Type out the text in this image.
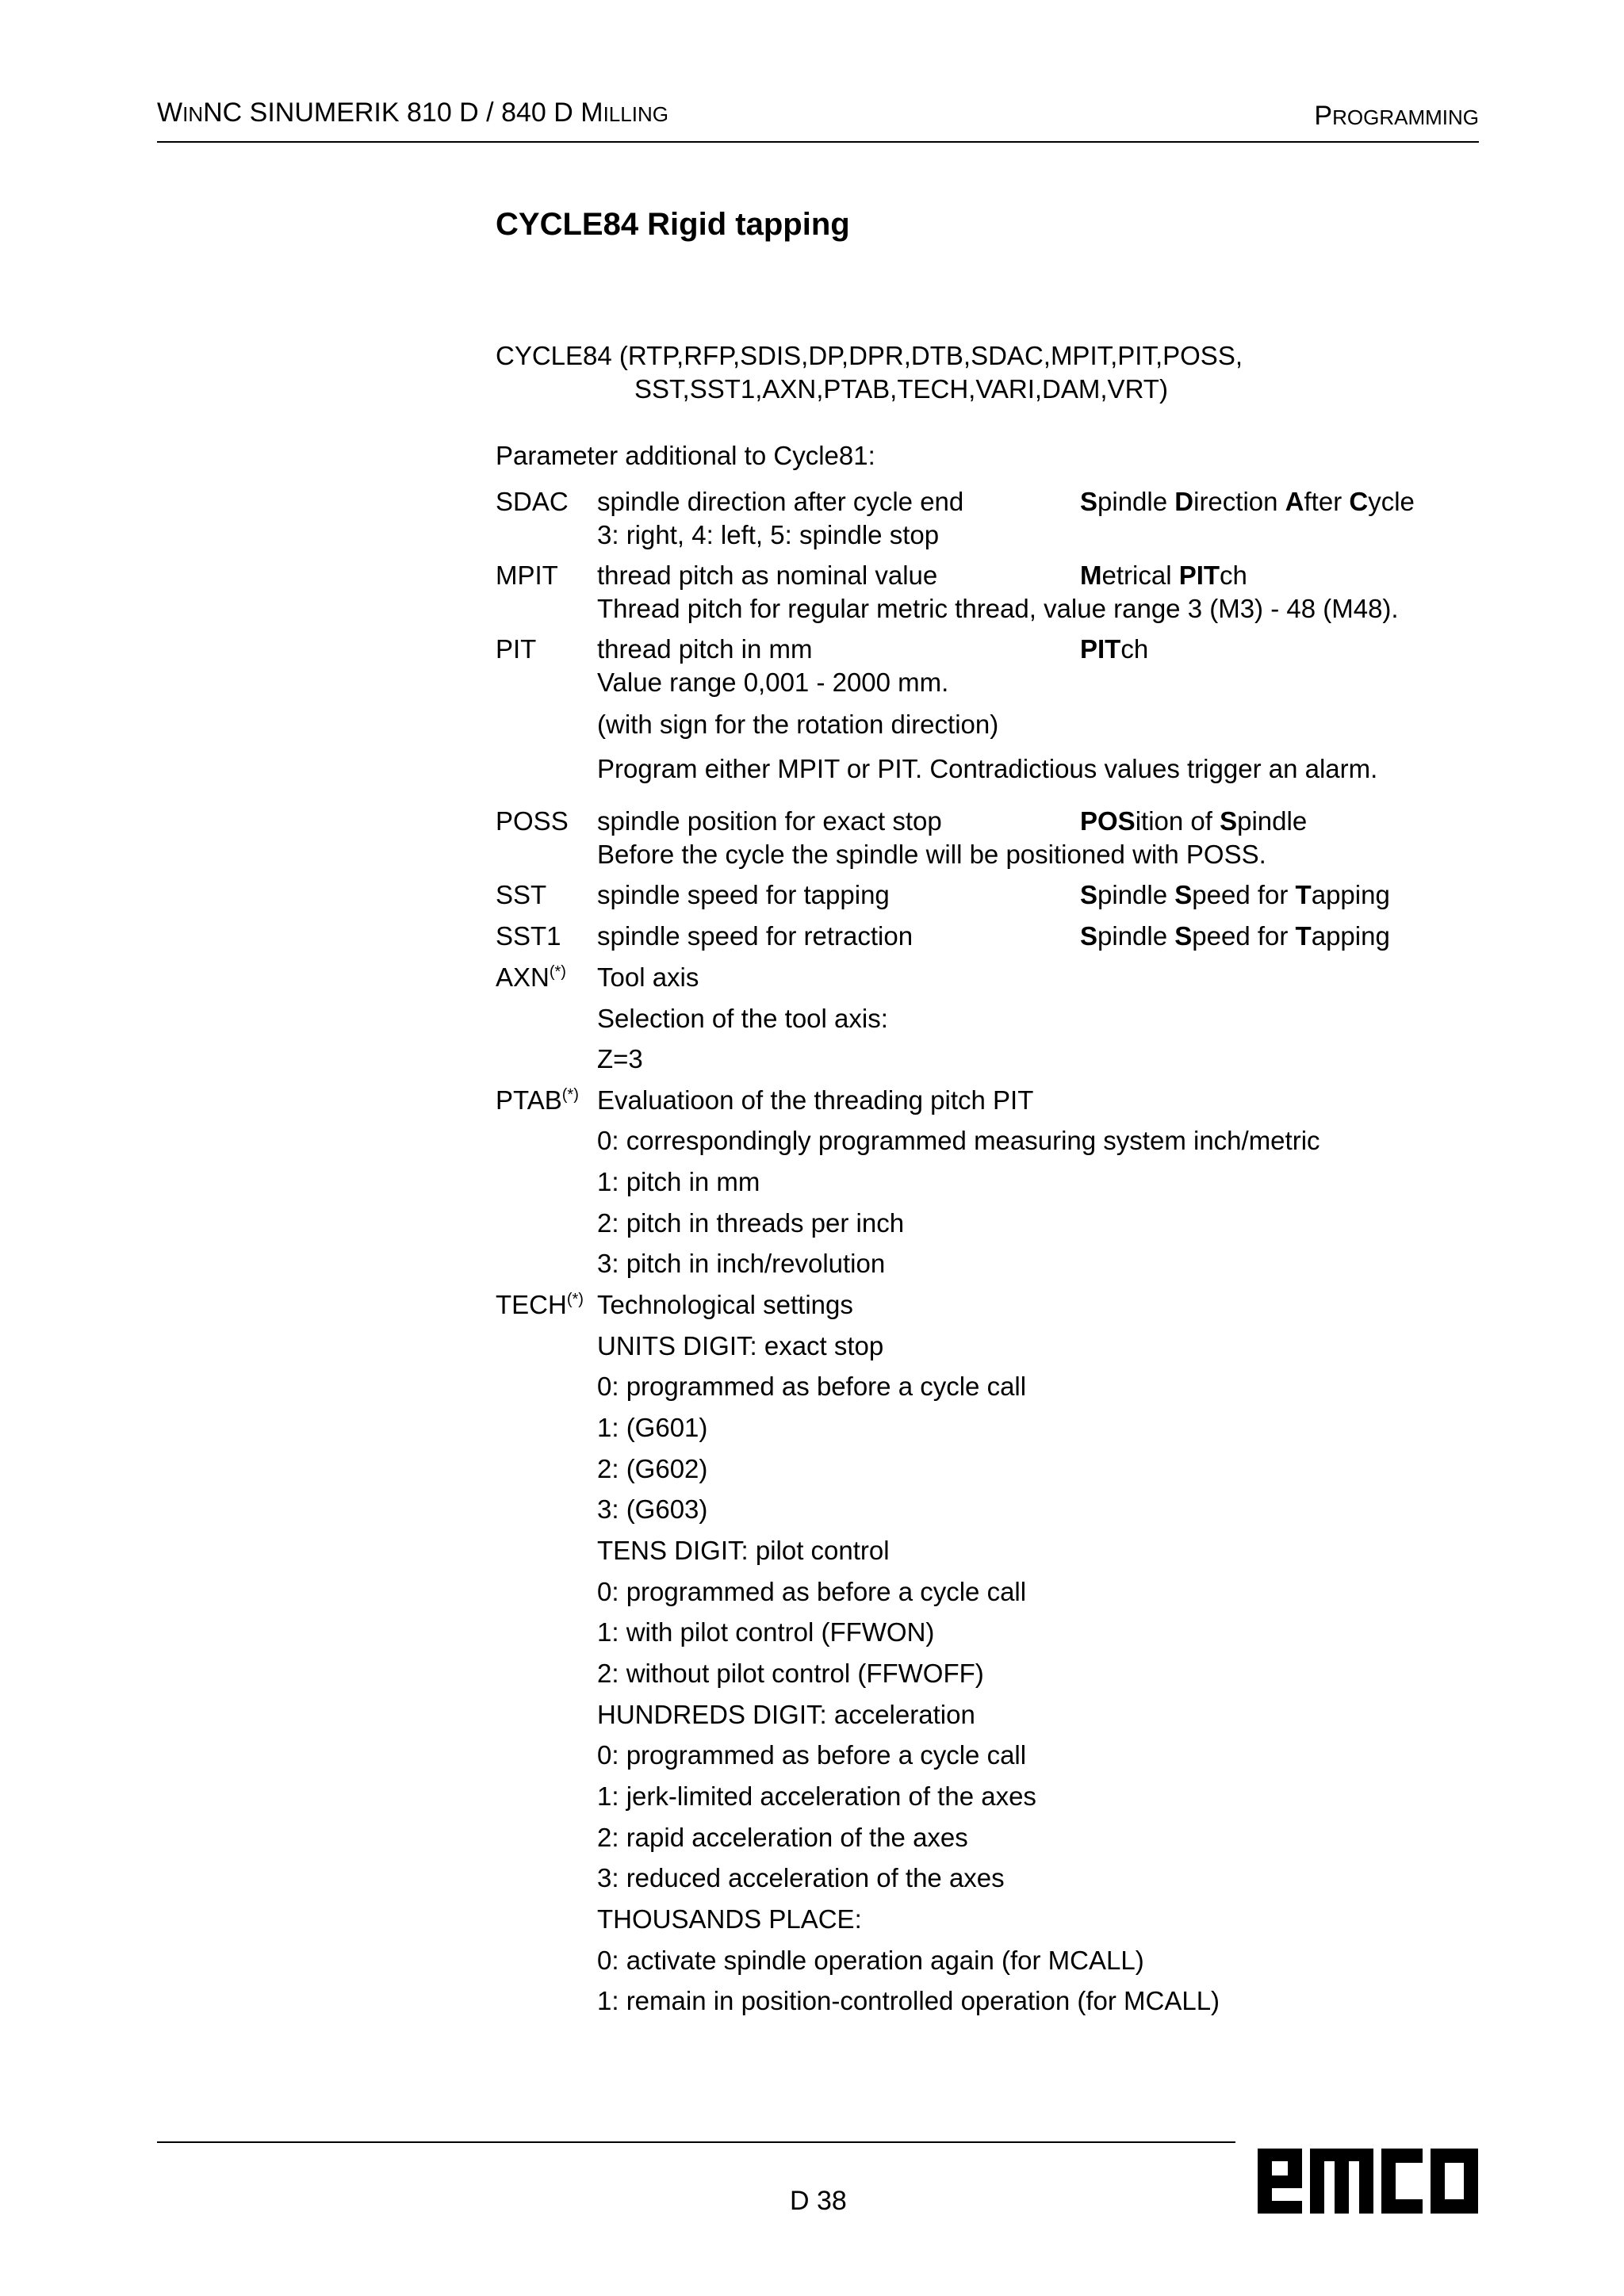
WINNC SINUMERIK 810 D / 840 D MILLING	PROGRAMMING
CYCLE84 Rigid tapping
CYCLE84 (RTP,RFP,SDIS,DP,DPR,DTB,SDAC,MPIT,PIT,POSS,
SST,SST1,AXN,PTAB,TECH,VARI,DAM,VRT)
Parameter additional to Cycle81:
SDAC spindle direction after cycle end	Spindle Direction After Cycle
3: right, 4: left, 5: spindle stop
MPIT thread pitch as nominal value	Metrical PITch
Thread pitch for regular metric thread, value range 3 (M3) - 48 (M48).
PIT thread pitch in mm	PITch
Value range 0,001 - 2000 mm.
(with sign for the rotation direction)
Program either MPIT or PIT. Contradictious values trigger an alarm.
POSS spindle position for exact stop	POSition of Spindle
Before the cycle the spindle will be positioned with POSS.
SST spindle speed for tapping	Spindle Speed for Tapping
SST1 spindle speed for retraction	Spindle Speed for Tapping
AXN(*) Tool axis
Selection of the tool axis:
Z=3
PTAB(*) Evaluatioon of the threading pitch PIT
0: correspondingly programmed measuring system inch/metric
1: pitch in mm
2: pitch in threads per inch
3: pitch in inch/revolution
TECH(*) Technological settings
UNITS DIGIT: exact stop
0: programmed as before a cycle call
1: (G601)
2: (G602)
3: (G603)
TENS DIGIT: pilot control
0: programmed as before a cycle call
1: with pilot control (FFWON)
2: without pilot control (FFWOFF)
HUNDREDS DIGIT: acceleration
0: programmed as before a cycle call
1: jerk-limited acceleration of the axes
2: rapid acceleration of the axes
3: reduced acceleration of the axes
THOUSANDS PLACE:
0: activate spindle operation again (for MCALL)
1: remain in position-controlled operation (for MCALL)
D 38
